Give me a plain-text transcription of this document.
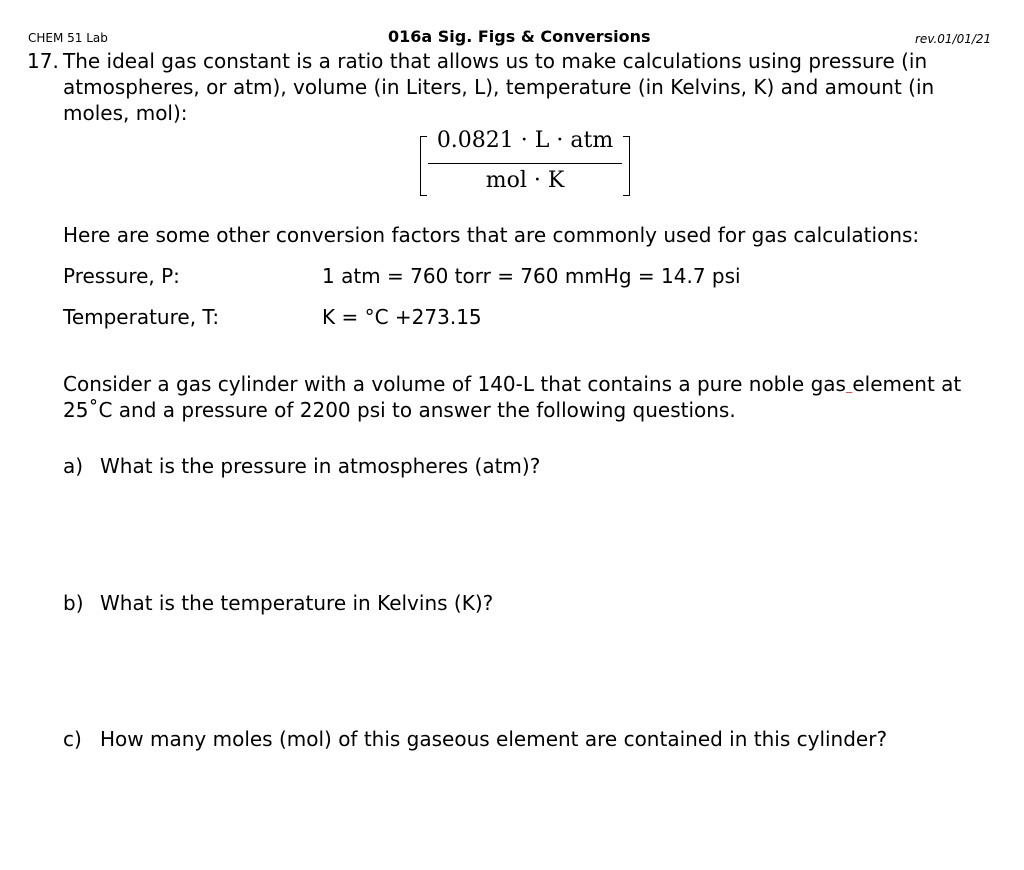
CHEM 51 Lab	016a Sig. Figs & Conversions	rev.01/01/21
17. The ideal gas constant is a ratio that allows us to make calculations using pressure (in atmospheres, or atm), volume (in Liters, L), temperature (in Kelvins, K) and amount (in moles, mol):
0.0821 · L · atm
mol · K
Here are some other conversion factors that are commonly used for gas calculations:
Pressure, P:	1 atm = 760 torr = 760 mmHg = 14.7 psi
Temperature, T:	K = °C +273.15
Consider a gas cylinder with a volume of 140-L that contains a pure noble gas element at 25˚C and a pressure of 2200 psi to answer the following questions.
a) What is the pressure in atmospheres (atm)?
b) What is the temperature in Kelvins (K)?
c) How many moles (mol) of this gaseous element are contained in this cylinder?
